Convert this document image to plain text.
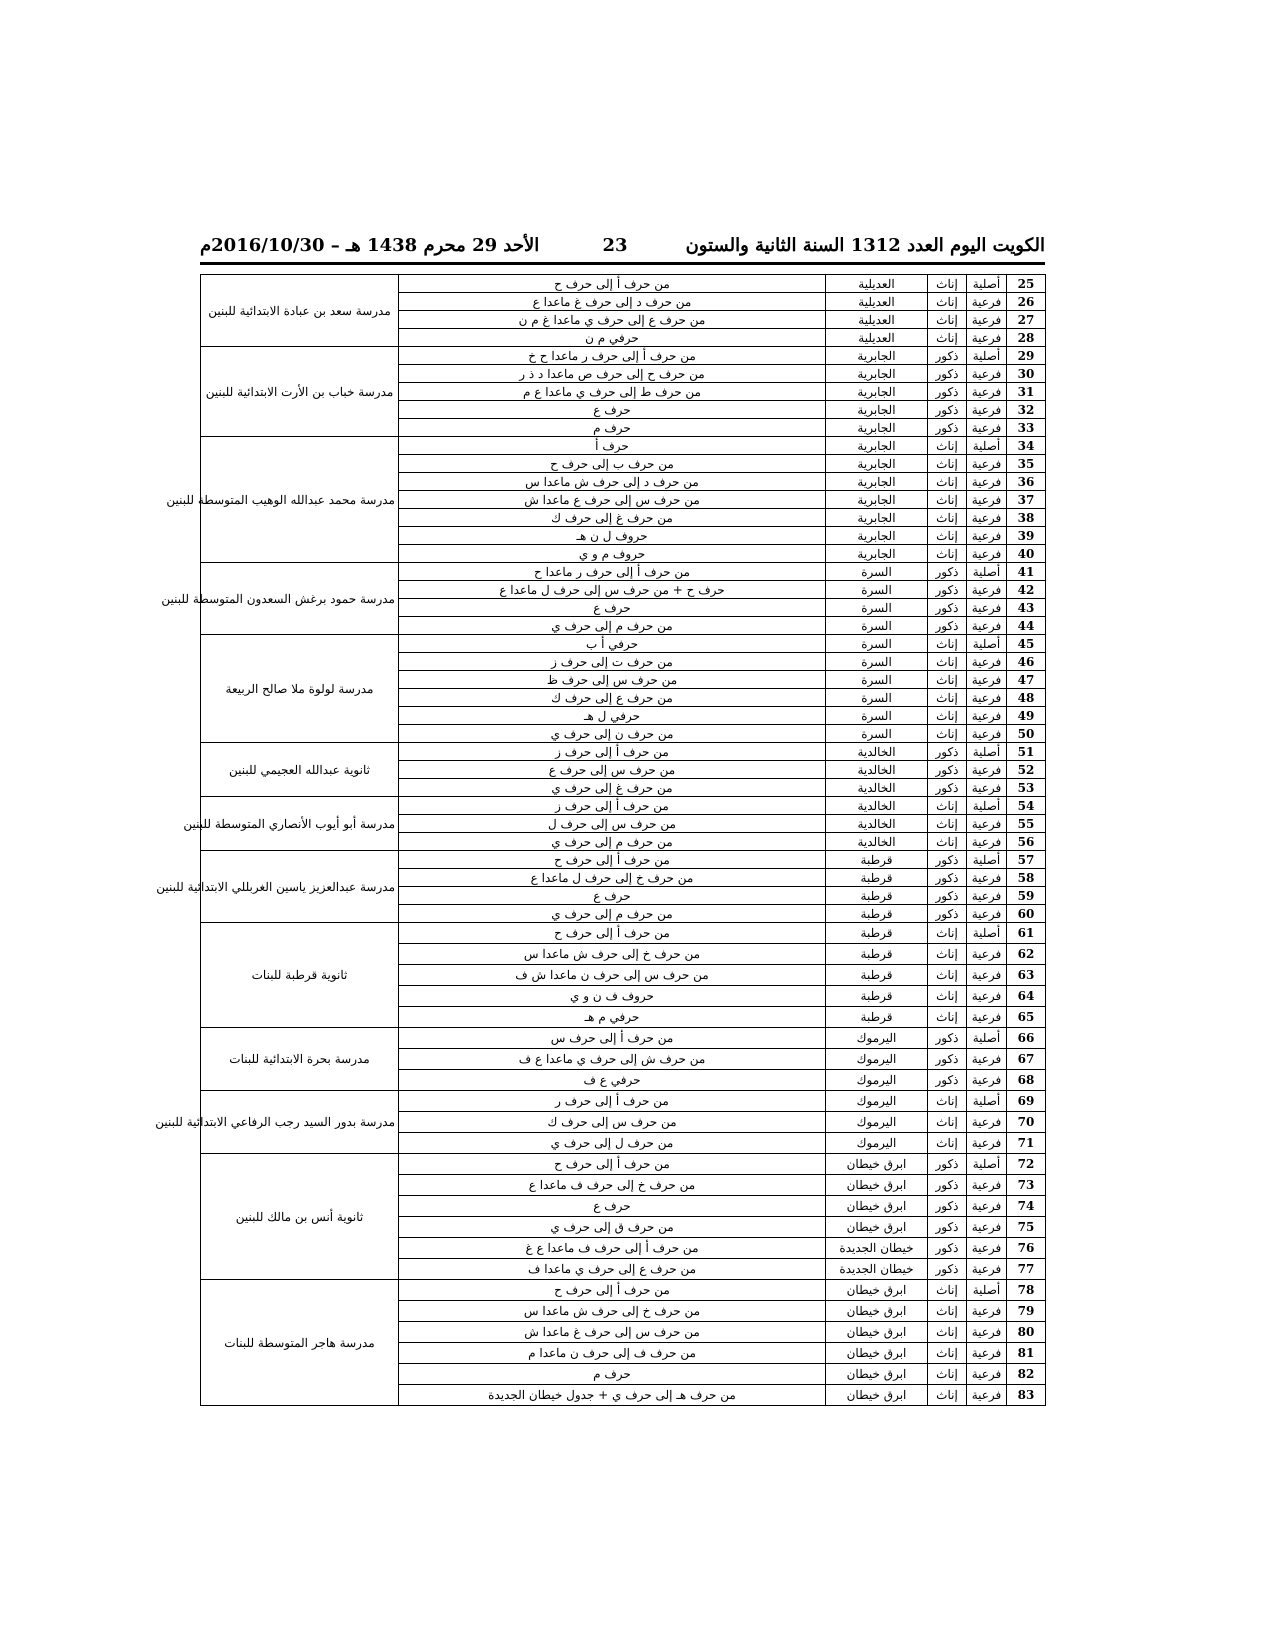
الكويت اليوم العدد 1312 السنة الثانية والستون
23
الأحد 29 محرم 1438 هـ – 2016/10/30م
25	أصلية	إناث	العديلية	من حرف أ إلى حرف ح	مدرسة سعد بن عبادة الابتدائية للبنين
26	فرعية	إناث	العديلية	من حرف د إلى حرف غ ماعدا ع	
27	فرعية	إناث	العديلية	من حرف ع إلى حرف ي ماعدا غ م ن	
28	فرعية	إناث	العديلية	حرفي م ن	
29	أصلية	ذكور	الجابرية	من حرف أ إلى حرف ر ماعدا ح خ	مدرسة خباب بن الأرت الابتدائية للبنين
30	فرعية	ذكور	الجابرية	من حرف ح إلى حرف ص ماعدا د ذ ر	
31	فرعية	ذكور	الجابرية	من حرف ط إلى حرف ي ماعدا ع م	
32	فرعية	ذكور	الجابرية	حرف ع	
33	فرعية	ذكور	الجابرية	حرف م	
34	أصلية	إناث	الجابرية	حرف أ	مدرسة محمد عبدالله الوهيب المتوسطة للبنين
35	فرعية	إناث	الجابرية	من حرف ب إلى حرف ح	
36	فرعية	إناث	الجابرية	من حرف د إلى حرف ش ماعدا س	
37	فرعية	إناث	الجابرية	من حرف س إلى حرف ع ماعدا ش	
38	فرعية	إناث	الجابرية	من حرف غ إلى حرف ك	
39	فرعية	إناث	الجابرية	حروف ل ن هـ	
40	فرعية	إناث	الجابرية	حروف م و ي	
41	أصلية	ذكور	السرة	من حرف أ إلى حرف ر ماعدا ح	مدرسة حمود برغش السعدون المتوسطة للبنين
42	فرعية	ذكور	السرة	حرف ح + من حرف س إلى حرف ل ماعدا ع	
43	فرعية	ذكور	السرة	حرف ع	
44	فرعية	ذكور	السرة	من حرف م إلى حرف ي	
45	أصلية	إناث	السرة	حرفي أ ب	مدرسة لولوة ملا صالح الربيعة
46	فرعية	إناث	السرة	من حرف ت إلى حرف ز	
47	فرعية	إناث	السرة	من حرف س إلى حرف ظ	
48	فرعية	إناث	السرة	من حرف ع إلى حرف ك	
49	فرعية	إناث	السرة	حرفي ل هـ	
50	فرعية	إناث	السرة	من حرف ن إلى حرف ي	
51	أصلية	ذكور	الخالدية	من حرف أ إلى حرف ز	ثانوية عبدالله العجيمي للبنين
52	فرعية	ذكور	الخالدية	من حرف س إلى حرف ع	
53	فرعية	ذكور	الخالدية	من حرف غ إلى حرف ي	
54	أصلية	إناث	الخالدية	من حرف أ إلى حرف ز	مدرسة أبو أيوب الأنصاري المتوسطة للبنين
55	فرعية	إناث	الخالدية	من حرف س إلى حرف ل	
56	فرعية	إناث	الخالدية	من حرف م إلى حرف ي	
57	أصلية	ذكور	قرطبة	من حرف أ إلى حرف ح	مدرسة عبدالعزيز ياسين الغربللي الابتدائية للبنين
58	فرعية	ذكور	قرطبة	من حرف خ إلى حرف ل ماعدا ع	
59	فرعية	ذكور	قرطبة	حرف ع	
60	فرعية	ذكور	قرطبة	من حرف م إلى حرف ي	
61	أصلية	إناث	قرطبة	من حرف أ إلى حرف ح	ثانوية قرطبة للبنات
62	فرعية	إناث	قرطبة	من حرف خ إلى حرف ش ماعدا س	
63	فرعية	إناث	قرطبة	من حرف س إلى حرف ن ماعدا ش ف	
64	فرعية	إناث	قرطبة	حروف ف ن و ي	
65	فرعية	إناث	قرطبة	حرفي م هـ	
66	أصلية	ذكور	اليرموك	من حرف أ إلى حرف س	مدرسة بحرة الابتدائية للبنات
67	فرعية	ذكور	اليرموك	من حرف ش إلى حرف ي ماعدا ع ف	
68	فرعية	ذكور	اليرموك	حرفي ع ف	
69	أصلية	إناث	اليرموك	من حرف أ إلى حرف ر	مدرسة بدور السيد رجب الرفاعي الابتدائية للبنين
70	فرعية	إناث	اليرموك	من حرف س إلى حرف ك	
71	فرعية	إناث	اليرموك	من حرف ل إلى حرف ي	
72	أصلية	ذكور	ابرق خيطان	من حرف أ إلى حرف ح	ثانوية أنس بن مالك للبنين
73	فرعية	ذكور	ابرق خيطان	من حرف خ إلى حرف ف ماعدا ع	
74	فرعية	ذكور	ابرق خيطان	حرف ع	
75	فرعية	ذكور	ابرق خيطان	من حرف ق إلى حرف ي	
76	فرعية	ذكور	خيطان الجديدة	من حرف أ إلى حرف ف ماعدا ع غ	
77	فرعية	ذكور	خيطان الجديدة	من حرف ع إلى حرف ي ماعدا ف	
78	أصلية	إناث	ابرق خيطان	من حرف أ إلى حرف ح	مدرسة هاجر المتوسطة للبنات
79	فرعية	إناث	ابرق خيطان	من حرف خ إلى حرف ش ماعدا س	
80	فرعية	إناث	ابرق خيطان	من حرف س إلى حرف غ ماعدا ش	
81	فرعية	إناث	ابرق خيطان	من حرف ف إلى حرف ن ماعدا م	
82	فرعية	إناث	ابرق خيطان	حرف م	
83	فرعية	إناث	ابرق خيطان	من حرف هـ إلى حرف ي + جدول خيطان الجديدة	
